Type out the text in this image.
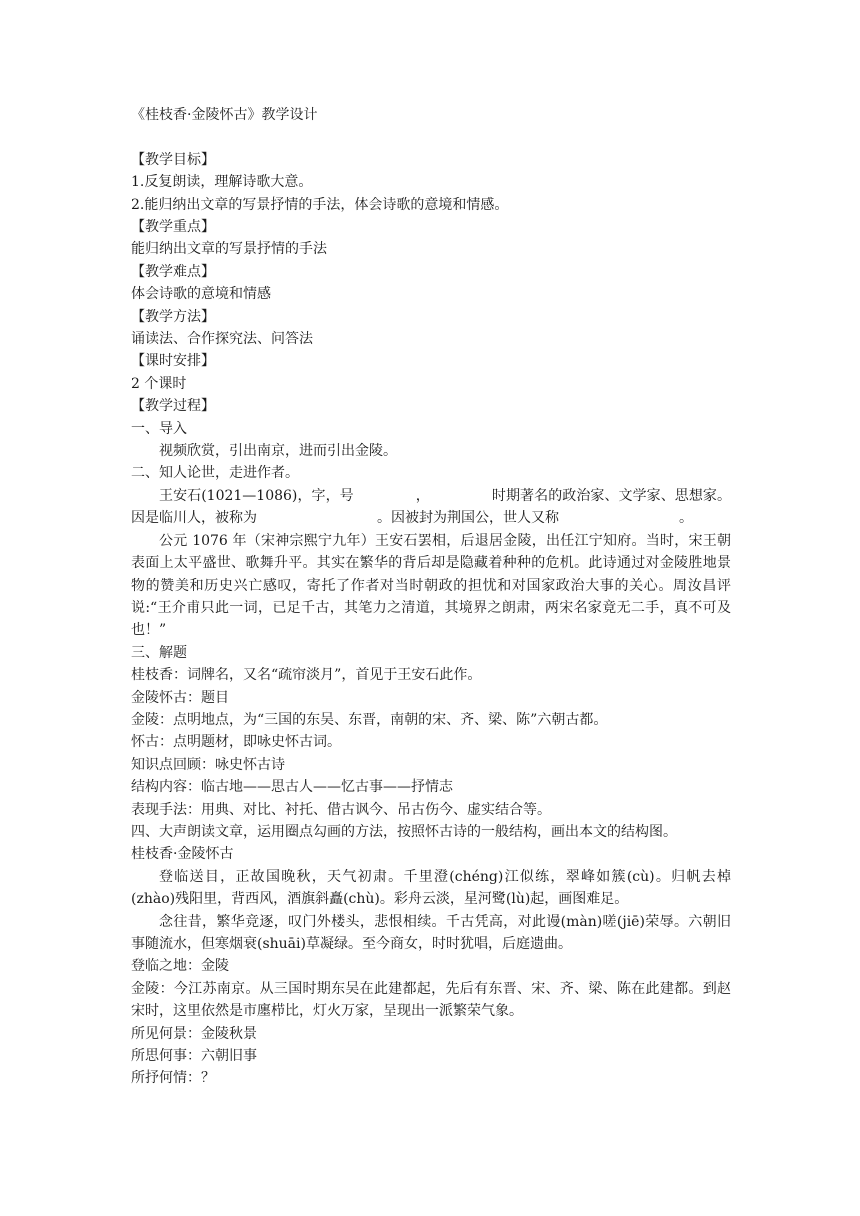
《桂枝香·金陵怀古》教学设计

【教学目标】

1.反复朗读，理解诗歌大意。

2.能归纳出文章的写景抒情的手法，体会诗歌的意境和情感。

【教学重点】

能归纳出文章的写景抒情的手法

【教学难点】

体会诗歌的意境和情感

【教学方法】

诵读法、合作探究法、问答法

【课时安排】

2 个课时

【教学过程】

一、导入

视频欣赏，引出南京，进而引出金陵。

二、知人论世，走进作者。

王安石(1021—1086)，字，号	，	时期著名的政治家、文学家、思想家。因是临川人，被称为	。因被封为荆国公，世人又称	。

公元 1076 年（宋神宗熙宁九年）王安石罢相，后退居金陵，出任江宁知府。当时，宋王朝表面上太平盛世、歌舞升平。其实在繁华的背后却是隐藏着种种的危机。此诗通过对金陵胜地景物的赞美和历史兴亡感叹，寄托了作者对当时朝政的担忧和对国家政治大事的关心。周汝昌评说:“王介甫只此一词，已足千古，其笔力之清道，其境界之朗肃，两宋名家竟无二手，真不可及也！”

三、解题

桂枝香：词牌名，又名“疏帘淡月”，首见于王安石此作。

金陵怀古：题目

金陵：点明地点，为“三国的东吴、东晋，南朝的宋、齐、梁、陈”六朝古都。

怀古：点明题材，即咏史怀古词。

知识点回顾：咏史怀古诗

结构内容：临古地——思古人——忆古事——抒情志

表现手法：用典、对比、衬托、借古讽今、吊古伤今、虚实结合等。

四、大声朗读文章，运用圈点勾画的方法，按照怀古诗的一般结构，画出本文的结构图。

桂枝香·金陵怀古

登临送目，正故国晚秋，天气初肃。千里澄(chéng)江似练，翠峰如簇(cù)。归帆去棹(zhào)残阳里，背西风，酒旗斜矗(chù)。彩舟云淡，星河鹭(lù)起，画图难足。

念往昔，繁华竞逐，叹门外楼头，悲恨相续。千古凭高，对此谩(màn)嗟(jiē)荣辱。六朝旧事随流水，但寒烟衰(shuāi)草凝绿。至今商女，时时犹唱，后庭遗曲。

登临之地：金陵

金陵：今江苏南京。从三国时期东吴在此建都起，先后有东晋、宋、齐、梁、陈在此建都。到赵宋时，这里依然是市廛栉比，灯火万家，呈现出一派繁荣气象。

所见何景：金陵秋景

所思何事：六朝旧事

所抒何情：？
